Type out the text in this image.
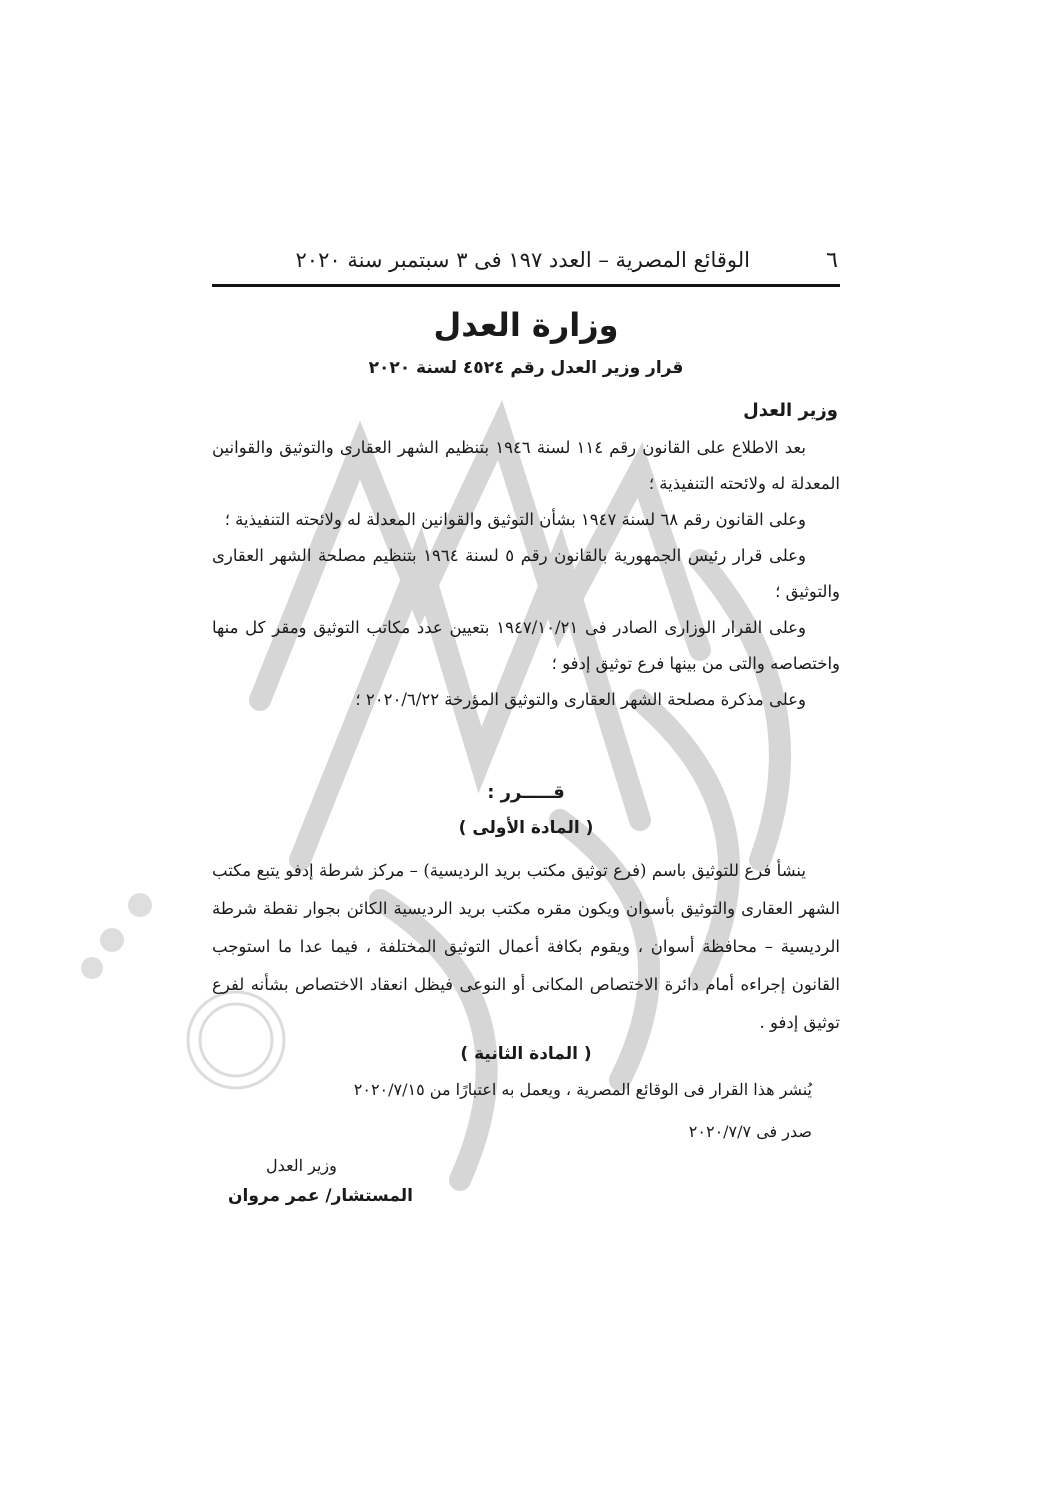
٦
الوقائع المصرية – العدد ١٩٧ فى ٣ سبتمبر سنة ٢٠٢٠
وزارة العدل
قرار وزير العدل رقم ٤٥٢٤ لسنة ٢٠٢٠
وزير العدل

بعد الاطلاع على القانون رقم ١١٤ لسنة ١٩٤٦ بتنظيم الشهر العقارى والتوثيق والقوانين المعدلة له ولائحته التنفيذية ؛

وعلى القانون رقم ٦٨ لسنة ١٩٤٧ بشأن التوثيق والقوانين المعدلة له ولائحته التنفيذية ؛

وعلى قرار رئيس الجمهورية بالقانون رقم ٥ لسنة ١٩٦٤ بتنظيم مصلحة الشهر العقارى والتوثيق ؛

وعلى القرار الوزارى الصادر فى ١٩٤٧/١٠/٢١ بتعيين عدد مكاتب التوثيق ومقر كل منها واختصاصه والتى من بينها فرع توثيق إدفو ؛

وعلى مذكرة مصلحة الشهر العقارى والتوثيق المؤرخة ٢٠٢٠/٦/٢٢ ؛

قـــــرر :
( المادة الأولى )

ينشأ فرع للتوثيق باسم (فرع توثيق مكتب بريد الرديسية) – مركز شرطة إدفو يتبع مكتب الشهر العقارى والتوثيق بأسوان ويكون مقره مكتب بريد الرديسية الكائن بجوار نقطة شرطة الرديسية – محافظة أسوان ، ويقوم بكافة أعمال التوثيق المختلفة ، فيما عدا ما استوجب القانون إجراءه أمام دائرة الاختصاص المكانى أو النوعى فيظل انعقاد الاختصاص بشأنه لفرع توثيق إدفو .

( المادة الثانية )
يُنشر هذا القرار فى الوقائع المصرية ، ويعمل به اعتبارًا من ٢٠٢٠/٧/١٥
صدر فى ٢٠٢٠/٧/٧
وزير العدل
المستشار/ عمر مروان
